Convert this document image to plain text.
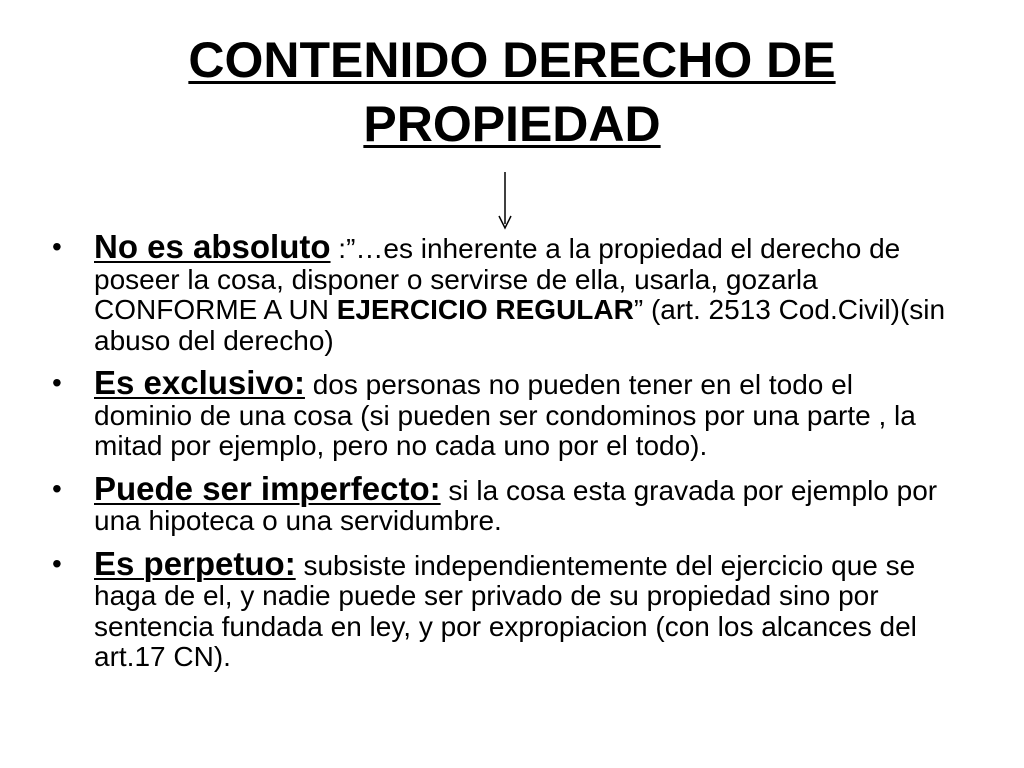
CONTENIDO DERECHO DE
PROPIEDAD
• No es absoluto :”…es inherente a la propiedad el derecho de poseer la cosa, disponer o servirse de ella, usarla, gozarla CONFORME A UN EJERCICIO REGULAR” (art. 2513 Cod.Civil)(sin abuso del derecho)
• Es exclusivo: dos personas no pueden tener en el todo el dominio de una cosa (si pueden ser condominos por una parte , la mitad por ejemplo, pero no cada uno por el todo).
• Puede ser imperfecto: si la cosa esta gravada por ejemplo por una hipoteca o una servidumbre.
• Es perpetuo: subsiste independientemente del ejercicio que se haga de el, y nadie puede ser privado de su propiedad sino por sentencia fundada en ley, y por expropiacion (con los alcances del art.17 CN).
